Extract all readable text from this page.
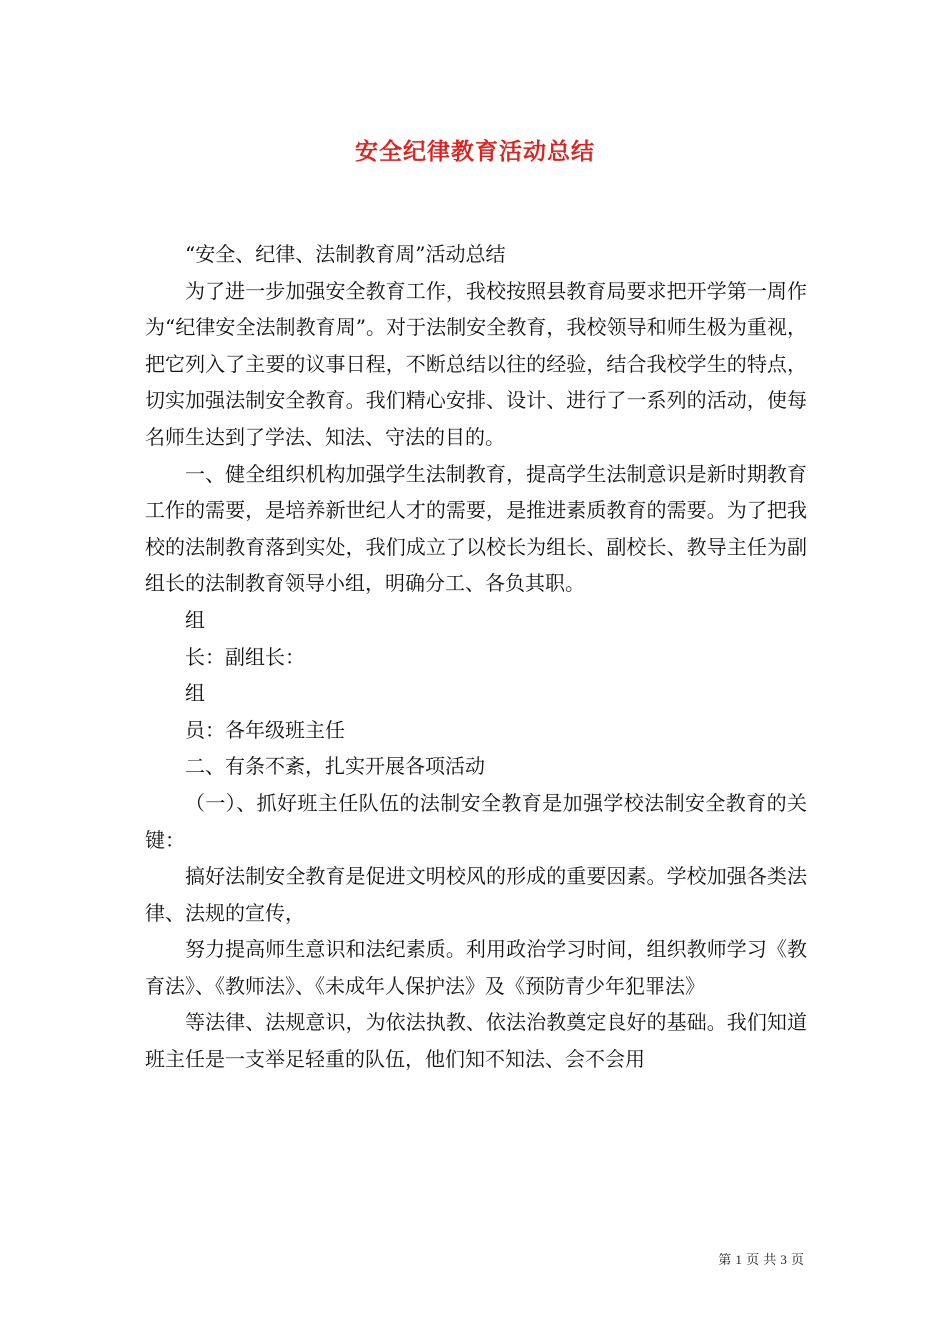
安全纪律教育活动总结

“安全、纪律、法制教育周”活动总结

为了进一步加强安全教育工作，我校按照县教育局要求把开学第一周作为“纪律安全法制教育周”。对于法制安全教育，我校领导和师生极为重视，把它列入了主要的议事日程，不断总结以往的经验，结合我校学生的特点，切实加强法制安全教育。我们精心安排、设计、进行了一系列的活动，使每名师生达到了学法、知法、守法的目的。

一、健全组织机构加强学生法制教育，提高学生法制意识是新时期教育工作的需要，是培养新世纪人才的需要，是推进素质教育的需要。为了把我校的法制教育落到实处，我们成立了以校长为组长、副校长、教导主任为副组长的法制教育领导小组，明确分工、各负其职。

组

长：副组长：

组

员：各年级班主任

二、有条不紊，扎实开展各项活动

（一）、抓好班主任队伍的法制安全教育是加强学校法制安全教育的关键：

搞好法制安全教育是促进文明校风的形成的重要因素。学校加强各类法律、法规的宣传，

努力提高师生意识和法纪素质。利用政治学习时间，组织教师学习《教育法》、《教师法》、《未成年人保护法》及《预防青少年犯罪法》

等法律、法规意识，为依法执教、依法治教奠定良好的基础。我们知道班主任是一支举足轻重的队伍，他们知不知法、会不会用

第 1 页 共 3 页
